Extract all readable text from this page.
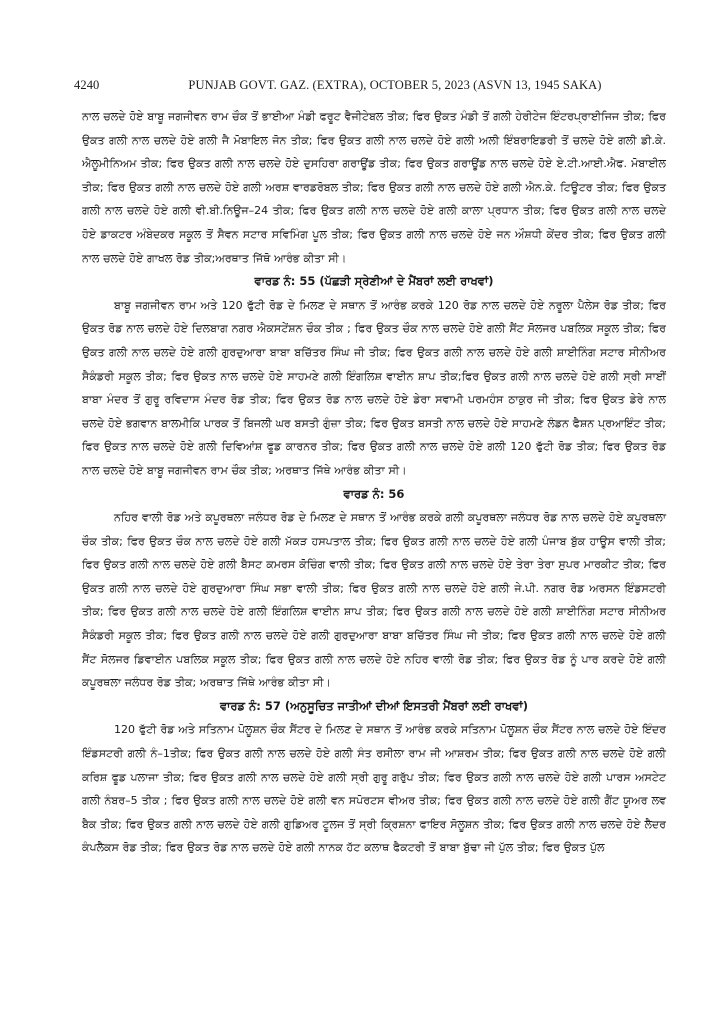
4240	PUNJAB GOVT. GAZ. (EXTRA), OCTOBER 5, 2023 (ASVN 13, 1945 SAKA)

ਨਾਲ ਚਲਦੇ ਹੋਏ ਬਾਬੂ ਜਗਜੀਵਨ ਰਾਮ ਚੌਕ ਤੋਂ ਭਾਈਆ ਮੰਡੀ ਫਰੂਟ ਵੈਜੀਟੇਬਲ ਤੀਕ; ਫਿਰ ਉਕਤ ਮੰਡੀ ਤੋਂ ਗਲੀ ਹੇਰੀਟੇਜ ਇੰਟਰਪ੍ਰਾਈਜਿਜ ਤੀਕ; ਫਿਰ ਉਕਤ ਗਲੀ ਨਾਲ ਚਲਦੇ ਹੋਏ ਗਲੀ ਜੈ ਮੋਬਾਇਲ ਜੋਨ ਤੀਕ; ਫਿਰ ਉਕਤ ਗਲੀ ਨਾਲ ਚਲਦੇ ਹੋਏ ਗਲੀ ਅਲੀ ਇੰਬਰਾਇਡਰੀ ਤੋਂ ਚਲਦੇ ਹੋਏ ਗਲੀ ਡੀ.ਕੇ. ਐਲੂਮੀਨਿਅਮ ਤੀਕ; ਫਿਰ ਉਕਤ ਗਲੀ ਨਾਲ ਚਲਦੇ ਹੋਏ ਦੁਸਹਿਰਾ ਗਰਾਊਂਡ ਤੀਕ; ਫਿਰ ਉਕਤ ਗਰਾਊਂਡ ਨਾਲ ਚਲਦੇ ਹੋਏ ਏ.ਟੀ.ਆਈ.ਐਫ. ਮੋਬਾਈਲ ਤੀਕ; ਫਿਰ ਉਕਤ ਗਲੀ ਨਾਲ ਚਲਦੇ ਹੋਏ ਗਲੀ ਅਰਸ਼ ਵਾਰਡਰੋਬਲ ਤੀਕ; ਫਿਰ ਉਕਤ ਗਲੀ ਨਾਲ ਚਲਦੇ ਹੋਏ ਗਲੀ ਐਨ.ਕੇ. ਟਿਊਟਰ ਤੀਕ; ਫਿਰ ਉਕਤ ਗਲੀ ਨਾਲ ਚਲਦੇ ਹੋਏ ਗਲੀ ਵੀ.ਬੀ.ਨਿਊਜ–24 ਤੀਕ; ਫਿਰ ਉਕਤ ਗਲੀ ਨਾਲ ਚਲਦੇ ਹੋਏ ਗਲੀ ਕਾਲਾ ਪ੍ਰਧਾਨ ਤੀਕ; ਫਿਰ ਉਕਤ ਗਲੀ ਨਾਲ ਚਲਦੇ ਹੋਏ ਡਾਕਟਰ ਅੰਬੇਦਕਰ ਸਕੂਲ ਤੋਂ ਸੈਵਨ ਸਟਾਰ ਸਵਿਮਿੰਗ ਪੂਲ ਤੀਕ; ਫਿਰ ਉਕਤ ਗਲੀ ਨਾਲ ਚਲਦੇ ਹੋਏ ਜਨ ਔਸ਼ਧੀ ਕੇਂਦਰ ਤੀਕ; ਫਿਰ ਉਕਤ ਗਲੀ ਨਾਲ ਚਲਦੇ ਹੋਏ ਗਾਖਲ ਰੋਡ ਤੀਕ;ਅਰਥਾਤ ਜਿੱਥੋ ਆਰੰਭ ਕੀਤਾ ਸੀ।

ਵਾਰਡ ਨੰ: 55 (ਪੱਛੜੀ ਸ੍ਰੇਣੀਆਂ ਦੇ ਮੈਂਬਰਾਂ ਲਈ ਰਾਖਵਾਂ)

ਬਾਬੂ ਜਗਜੀਵਨ ਰਾਮ ਅਤੇ 120 ਫੁੱਟੀ ਰੋਡ ਦੇ ਮਿਲਣ ਦੇ ਸਥਾਨ ਤੋਂ ਆਰੰਭ ਕਰਕੇ 120 ਰੋਡ ਨਾਲ ਚਲਦੇ ਹੋਏ ਨਰੂਲਾ ਪੈਲੇਸ ਰੋਡ ਤੀਕ; ਫਿਰ ਉਕਤ ਰੋਡ ਨਾਲ ਚਲਦੇ ਹੋਏ ਦਿਲਬਾਗ ਨਗਰ ਐਕਸਟੇਂਸ਼ਨ ਚੌਕ ਤੀਕ ; ਫਿਰ ਉਕਤ ਚੌਕ ਨਾਲ ਚਲਦੇ ਹੋਏ ਗਲੀ ਸੈਂਟ ਸੋਲਜਰ ਪਬਲਿਕ ਸਕੂਲ ਤੀਕ; ਫਿਰ ਉਕਤ ਗਲੀ ਨਾਲ ਚਲਦੇ ਹੋਏ ਗਲੀ ਗੁਰਦੁਆਰਾ ਬਾਬਾ ਬਚਿੱਤਰ ਸਿੰਘ ਜੀ ਤੀਕ; ਫਿਰ ਉਕਤ ਗਲੀ ਨਾਲ ਚਲਦੇ ਹੋਏ ਗਲੀ ਸ਼ਾਈਨਿੰਗ ਸਟਾਰ ਸੀਨੀਅਰ ਸੈਕੰਡਰੀ ਸਕੂਲ ਤੀਕ; ਫਿਰ ਉਕਤ ਨਾਲ ਚਲਦੇ ਹੋਏ ਸਾਹਮਣੇ ਗਲੀ ਇੰਗਲਿਸ਼ ਵਾਈਨ ਸ਼ਾਪ ਤੀਕ;ਫਿਰ ਉਕਤ ਗਲੀ ਨਾਲ ਚਲਦੇ ਹੋਏ ਗਲੀ ਸ੍ਰੀ ਸਾਈਂ ਬਾਬਾ ਮੰਦਰ ਤੋਂ ਗੁਰੂ ਰਵਿਦਾਸ ਮੰਦਰ ਰੋਡ ਤੀਕ; ਫਿਰ ਉਕਤ ਰੋਡ ਨਾਲ ਚਲਦੇ ਹੋਏ ਡੇਰਾ ਸਵਾਮੀ ਪਰਮਹੰਸ ਠਾਕੁਰ ਜੀ ਤੀਕ; ਫਿਰ ਉਕਤ ਡੇਰੇ ਨਾਲ ਚਲਦੇ ਹੋਏ ਭਗਵਾਨ ਬਾਲਮੀਕਿ ਪਾਰਕ ਤੋਂ ਬਿਜਲੀ ਘਰ ਬਸਤੀ ਗੁੰਜ਼ਾ ਤੀਕ; ਫਿਰ ਉਕਤ ਬਸਤੀ ਨਾਲ ਚਲਦੇ ਹੋਏ ਸਾਹਮਣੇ ਲੰਡਨ ਫੈਸ਼ਨ ਪ੍ਰਆਇੰਟ ਤੀਕ; ਫਿਰ ਉਕਤ ਨਾਲ ਚਲਦੇ ਹੋਏ ਗਲੀ ਦਿਵਿਆਂਸ਼ ਫੂਡ ਕਾਰਨਰ ਤੀਕ; ਫਿਰ ਉਕਤ ਗਲੀ ਨਾਲ ਚਲਦੇ ਹੋਏ ਗਲੀ 120 ਫੁੱਟੀ ਰੋਡ ਤੀਕ; ਫਿਰ ਉਕਤ ਰੋਡ ਨਾਲ ਚਲਦੇ ਹੋਏ ਬਾਬੂ ਜਗਜੀਵਨ ਰਾਮ ਚੌਕ ਤੀਕ; ਅਰਥਾਤ ਜਿੱਥੇ ਆਰੰਭ ਕੀਤਾ ਸੀ।

ਵਾਰਡ ਨੰ: 56

ਨਹਿਰ ਵਾਲੀ ਰੋਡ ਅਤੇ ਕਪੂਰਥਲਾ ਜਲੰਧਰ ਰੋਡ ਦੇ ਮਿਲਣ ਦੇ ਸਥਾਨ ਤੋਂ ਆਰੰਭ ਕਰਕੇ ਗਲੀ ਕਪੂਰਥਲਾ ਜਲੰਧਰ ਰੋਡ ਨਾਲ ਚਲਦੇ ਹੋਏ ਕਪੂਰਥਲਾ ਚੌਕ ਤੀਕ; ਫਿਰ ਉਕਤ ਚੌਕ ਨਾਲ ਚਲਦੇ ਹੋਏ ਗਲੀ ਮੱਕੜ ਹਸਪਤਾਲ ਤੀਕ; ਫਿਰ ਉਕਤ ਗਲੀ ਨਾਲ ਚਲਦੇ ਹੋਏ ਗਲੀ ਪੰਜਾਬ ਬੁੱਕ ਹਾਊਸ ਵਾਲੀ ਤੀਕ; ਫਿਰ ਉਕਤ ਗਲੀ ਨਾਲ ਚਲਦੇ ਹੋਏ ਗਲੀ ਬੈਸਟ ਕਮਰਸ ਕੋਚਿੰਗ ਵਾਲੀ ਤੀਕ; ਫਿਰ ਉਕਤ ਗਲੀ ਨਾਲ ਚਲਦੇ ਹੋਏ ਤੇਰਾ ਤੇਰਾ ਸੁਪਰ ਮਾਰਕੀਟ ਤੀਕ; ਫਿਰ ਉਕਤ ਗਲੀ ਨਾਲ ਚਲਦੇ ਹੋਏ ਗੁਰਦੁਆਰਾ ਸਿੰਘ ਸਭਾ ਵਾਲੀ ਤੀਕ; ਫਿਰ ਉਕਤ ਗਲੀ ਨਾਲ ਚਲਦੇ ਹੋਏ ਗਲੀ ਜੇ.ਪੀ. ਨਗਰ ਰੋਡ ਅਰਸਨ ਇੰਡਸਟਰੀ ਤੀਕ; ਫਿਰ ਉਕਤ ਗਲੀ ਨਾਲ ਚਲਦੇ ਹੋਏ ਗਲੀ ਇੰਗਲਿਸ਼ ਵਾਈਨ ਸ਼ਾਪ ਤੀਕ; ਫਿਰ ਉਕਤ ਗਲੀ ਨਾਲ ਚਲਦੇ ਹੋਏ ਗਲੀ ਸ਼ਾਈਨਿੰਗ ਸਟਾਰ ਸੀਨੀਅਰ ਸੈਕੰਡਰੀ ਸਕੂਲ ਤੀਕ; ਫਿਰ ਉਕਤ ਗਲੀ ਨਾਲ ਚਲਦੇ ਹੋਏ ਗਲੀ ਗੁਰਦੁਆਰਾ ਬਾਬਾ ਬਚਿੱਤਰ ਸਿੰਘ ਜੀ ਤੀਕ; ਫਿਰ ਉਕਤ ਗਲੀ ਨਾਲ ਚਲਦੇ ਹੋਏ ਗਲੀ ਸੈਂਟ ਸੋਲਜਰ ਡਿਵਾਈਨ ਪਬਲਿਕ ਸਕੂਲ ਤੀਕ; ਫਿਰ ਉਕਤ ਗਲੀ ਨਾਲ ਚਲਦੇ ਹੋਏ ਨਹਿਰ ਵਾਲੀ ਰੋਡ ਤੀਕ; ਫਿਰ ਉਕਤ ਰੋਡ ਨੂੰ ਪਾਰ ਕਰਦੇ ਹੋਏ ਗਲੀ ਕਪੂਰਥਲਾ ਜਲੰਧਰ ਰੋਡ ਤੀਕ; ਅਰਥਾਤ ਜਿੱਥੇ ਆਰੰਭ ਕੀਤਾ ਸੀ।

ਵਾਰਡ ਨੰ: 57 (ਅਨੁਸੂਚਿਤ ਜਾਤੀਆਂ ਦੀਆਂ ਇਸਤਰੀ ਮੈਂਬਰਾਂ ਲਈ ਰਾਖਵਾਂ)

120 ਫੁੱਟੀ ਰੋਡ ਅਤੇ ਸਤਿਨਾਮ ਪੋਲੂਸ਼ਨ ਚੌਕ ਸੈਂਟਰ ਦੇ ਮਿਲਣ ਦੇ ਸਥਾਨ ਤੋਂ ਆਰੰਭ ਕਰਕੇ ਸਤਿਨਾਮ ਪੋਲੂਸ਼ਨ ਚੌਕ ਸੈਂਟਰ ਨਾਲ ਚਲਦੇ ਹੋਏ ਇੰਦਰ ਇੰਡਸਟਰੀ ਗਲੀ ਨੰ–1ਤੀਕ; ਫਿਰ ਉਕਤ ਗਲੀ ਨਾਲ ਚਲਦੇ ਹੋਏ ਗਲੀ ਸੰਤ ਰਸੀਲਾ ਰਾਮ ਜੀ ਆਸ਼ਰਮ ਤੀਕ; ਫਿਰ ਉਕਤ ਗਲੀ ਨਾਲ ਚਲਦੇ ਹੋਏ ਗਲੀ ਕਰਿਸ਼ ਫੂਡ ਪਲਾਜਾ ਤੀਕ; ਫਿਰ ਉਕਤ ਗਲੀ ਨਾਲ ਚਲਦੇ ਹੋਏ ਗਲੀ ਸ੍ਰੀ ਗੁਰੂ ਗਰੁੱਪ ਤੀਕ; ਫਿਰ ਉਕਤ ਗਲੀ ਨਾਲ ਚਲਦੇ ਹੋਏ ਗਲੀ ਪਾਰਸ ਅਸਟੇਟ ਗਲੀ ਨੰਬਰ–5 ਤੀਕ ; ਫਿਰ ਉਕਤ ਗਲੀ ਨਾਲ ਚਲਦੇ ਹੋਏ ਗਲੀ ਵਨ ਸਪੋਰਟਸ ਵੀਅਰ ਤੀਕ; ਫਿਰ ਉਕਤ ਗਲੀ ਨਾਲ ਚਲਦੇ ਹੋਏ ਗਲੀ ਗੈਂਟ ਯੂਅਰ ਲਵ ਬੈਕ ਤੀਕ; ਫਿਰ ਉਕਤ ਗਲੀ ਨਾਲ ਚਲਦੇ ਹੋਏ ਗਲੀ ਗੁਡਿਅਰ ਟੂਲਜ ਤੋਂ ਸ੍ਰੀ ਕ੍ਰਿਸ਼ਨਾ ਫਾਇਰ ਸੋਲੂਸ਼ਨ ਤੀਕ; ਫਿਰ ਉਕਤ ਗਲੀ ਨਾਲ ਚਲਦੇ ਹੋਏ ਲੈਦਰ ਕੰਪਲੈਕਸ ਰੋਡ ਤੀਕ; ਫਿਰ ਉਕਤ ਰੋਡ ਨਾਲ ਚਲਦੇ ਹੋਏ ਗਲੀ ਨਾਨਕ ਹੱਟ ਕਲਾਥ ਫੈਕਟਰੀ ਤੋਂ ਬਾਬਾ ਬੁੱਢਾ ਜੀ ਪੁੱਲ ਤੀਕ; ਫਿਰ ਉਕਤ ਪੁੱਲ
